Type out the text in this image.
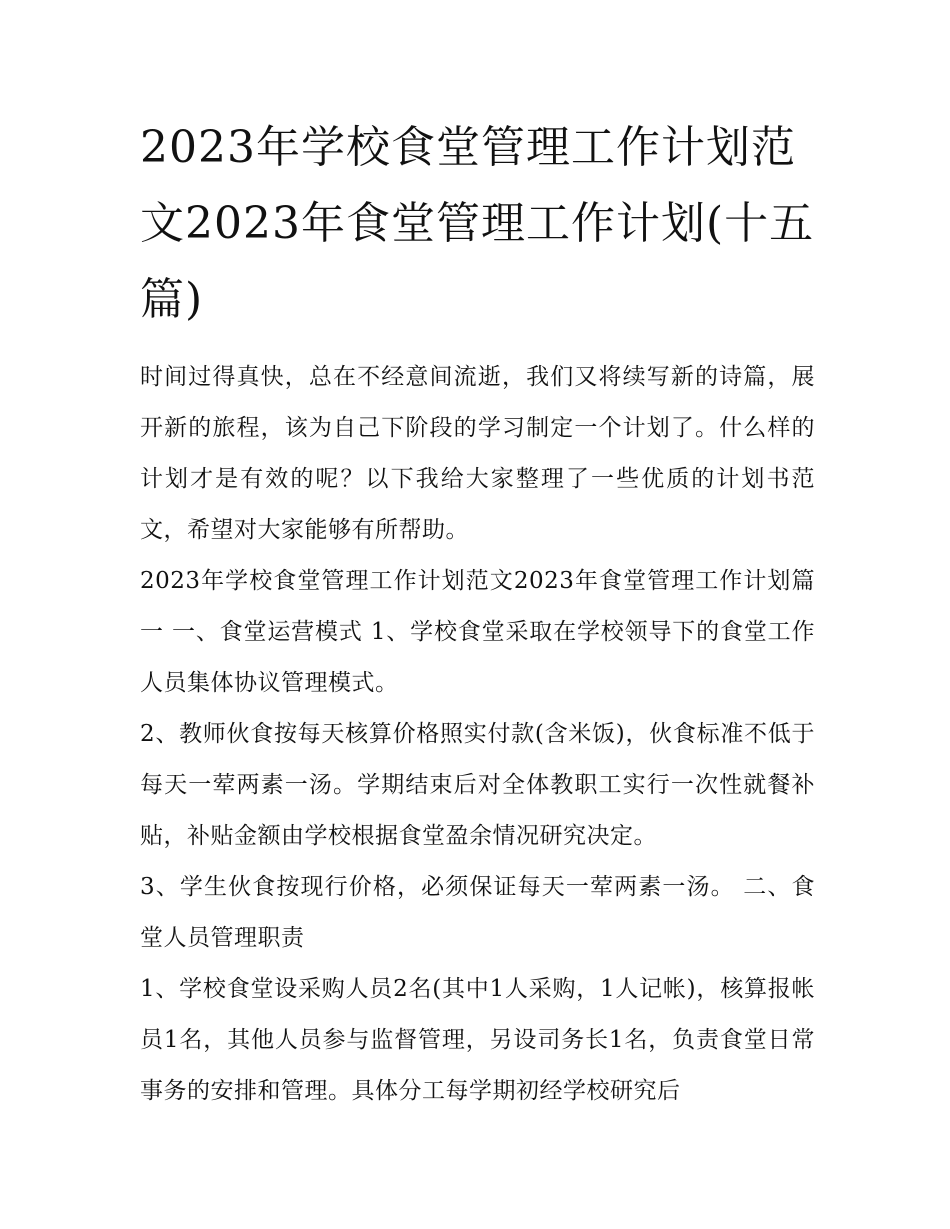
2023年学校食堂管理工作计划范文2023年食堂管理工作计划(十五篇)

时间过得真快，总在不经意间流逝，我们又将续写新的诗篇，展开新的旅程，该为自己下阶段的学习制定一个计划了。什么样的计划才是有效的呢？以下我给大家整理了一些优质的计划书范文，希望对大家能够有所帮助。

2023年学校食堂管理工作计划范文2023年食堂管理工作计划篇一 一、食堂运营模式 1、学校食堂采取在学校领导下的食堂工作人员集体协议管理模式。

2、教师伙食按每天核算价格照实付款(含米饭)，伙食标准不低于每天一荤两素一汤。学期结束后对全体教职工实行一次性就餐补贴，补贴金额由学校根据食堂盈余情况研究决定。

3、学生伙食按现行价格，必须保证每天一荤两素一汤。 二、食堂人员管理职责

1、学校食堂设采购人员2名(其中1人采购，1人记帐)，核算报帐员1名，其他人员参与监督管理，另设司务长1名，负责食堂日常事务的安排和管理。具体分工每学期初经学校研究后
